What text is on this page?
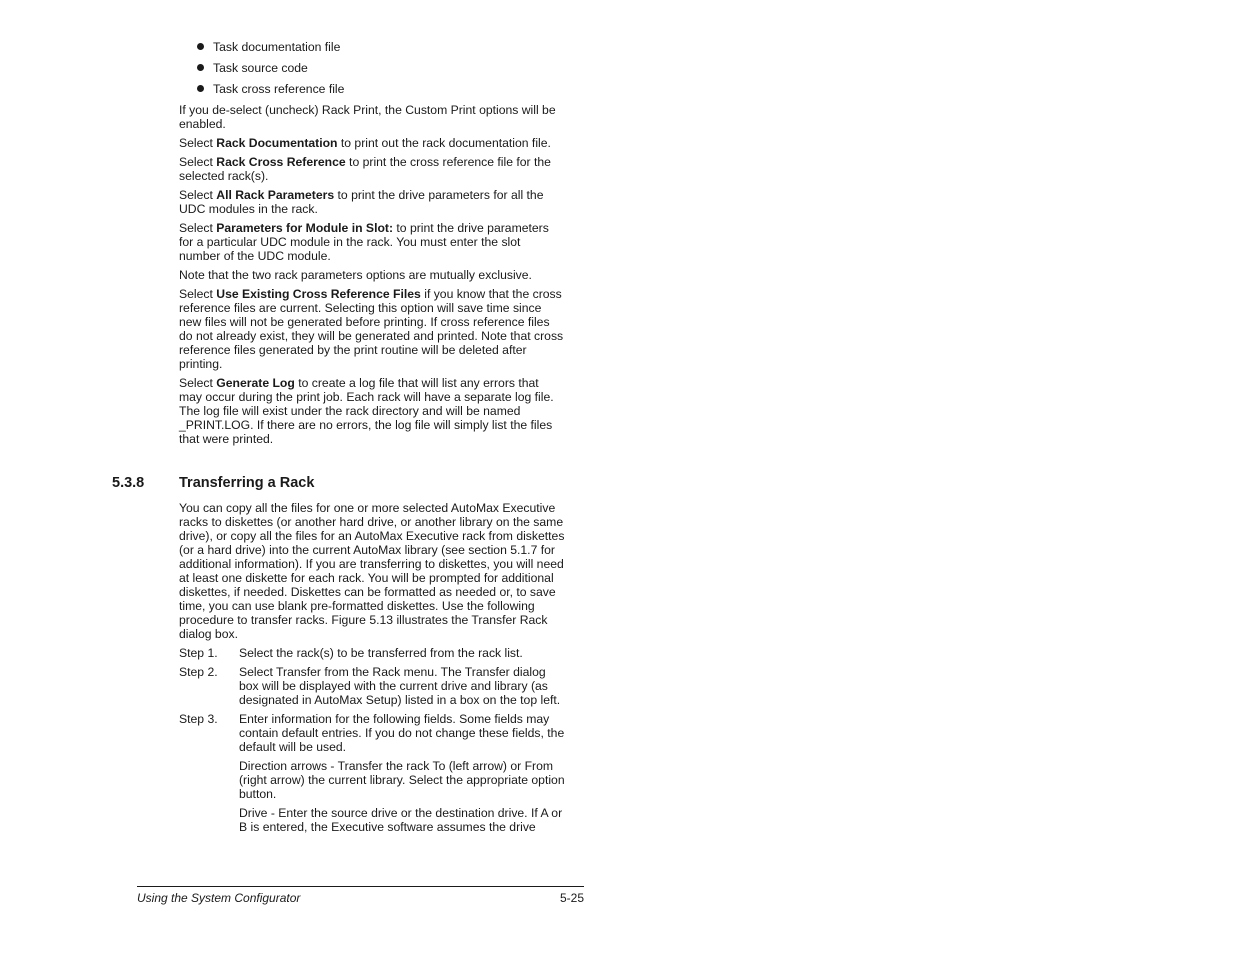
Task documentation file
Task source code
Task cross reference file

If you de-select (uncheck) Rack Print, the Custom Print options will be enabled.

Select Rack Documentation to print out the rack documentation file.

Select Rack Cross Reference to print the cross reference file for the selected rack(s).

Select All Rack Parameters to print the drive parameters for all the UDC modules in the rack.

Select Parameters for Module in Slot: to print the drive parameters for a particular UDC module in the rack. You must enter the slot number of the UDC module.

Note that the two rack parameters options are mutually exclusive.

Select Use Existing Cross Reference Files if you know that the cross reference files are current. Selecting this option will save time since new files will not be generated before printing. If cross reference files do not already exist, they will be generated and printed. Note that cross reference files generated by the print routine will be deleted after printing.

Select Generate Log to create a log file that will list any errors that may occur during the print job. Each rack will have a separate log file. The log file will exist under the rack directory and will be named _PRINT.LOG. If there are no errors, the log file will simply list the files that were printed.

5.3.8	Transferring a Rack

You can copy all the files for one or more selected AutoMax Executive racks to diskettes (or another hard drive, or another library on the same drive), or copy all the files for an AutoMax Executive rack from diskettes (or a hard drive) into the current AutoMax library (see section 5.1.7 for additional information). If you are transferring to diskettes, you will need at least one diskette for each rack. You will be prompted for additional diskettes, if needed. Diskettes can be formatted as needed or, to save time, you can use blank pre-formatted diskettes. Use the following procedure to transfer racks. Figure 5.13 illustrates the Transfer Rack dialog box.

Step 1.	Select the rack(s) to be transferred from the rack list.
Step 2.	Select Transfer from the Rack menu. The Transfer dialog box will be displayed with the current drive and library (as designated in AutoMax Setup) listed in a box on the top left.
Step 3.	Enter information for the following fields. Some fields may contain default entries. If you do not change these fields, the default will be used.

Direction arrows - Transfer the rack To (left arrow) or From (right arrow) the current library. Select the appropriate option button.

Drive - Enter the source drive or the destination drive. If A or B is entered, the Executive software assumes the drive

Using the System Configurator	5-25
